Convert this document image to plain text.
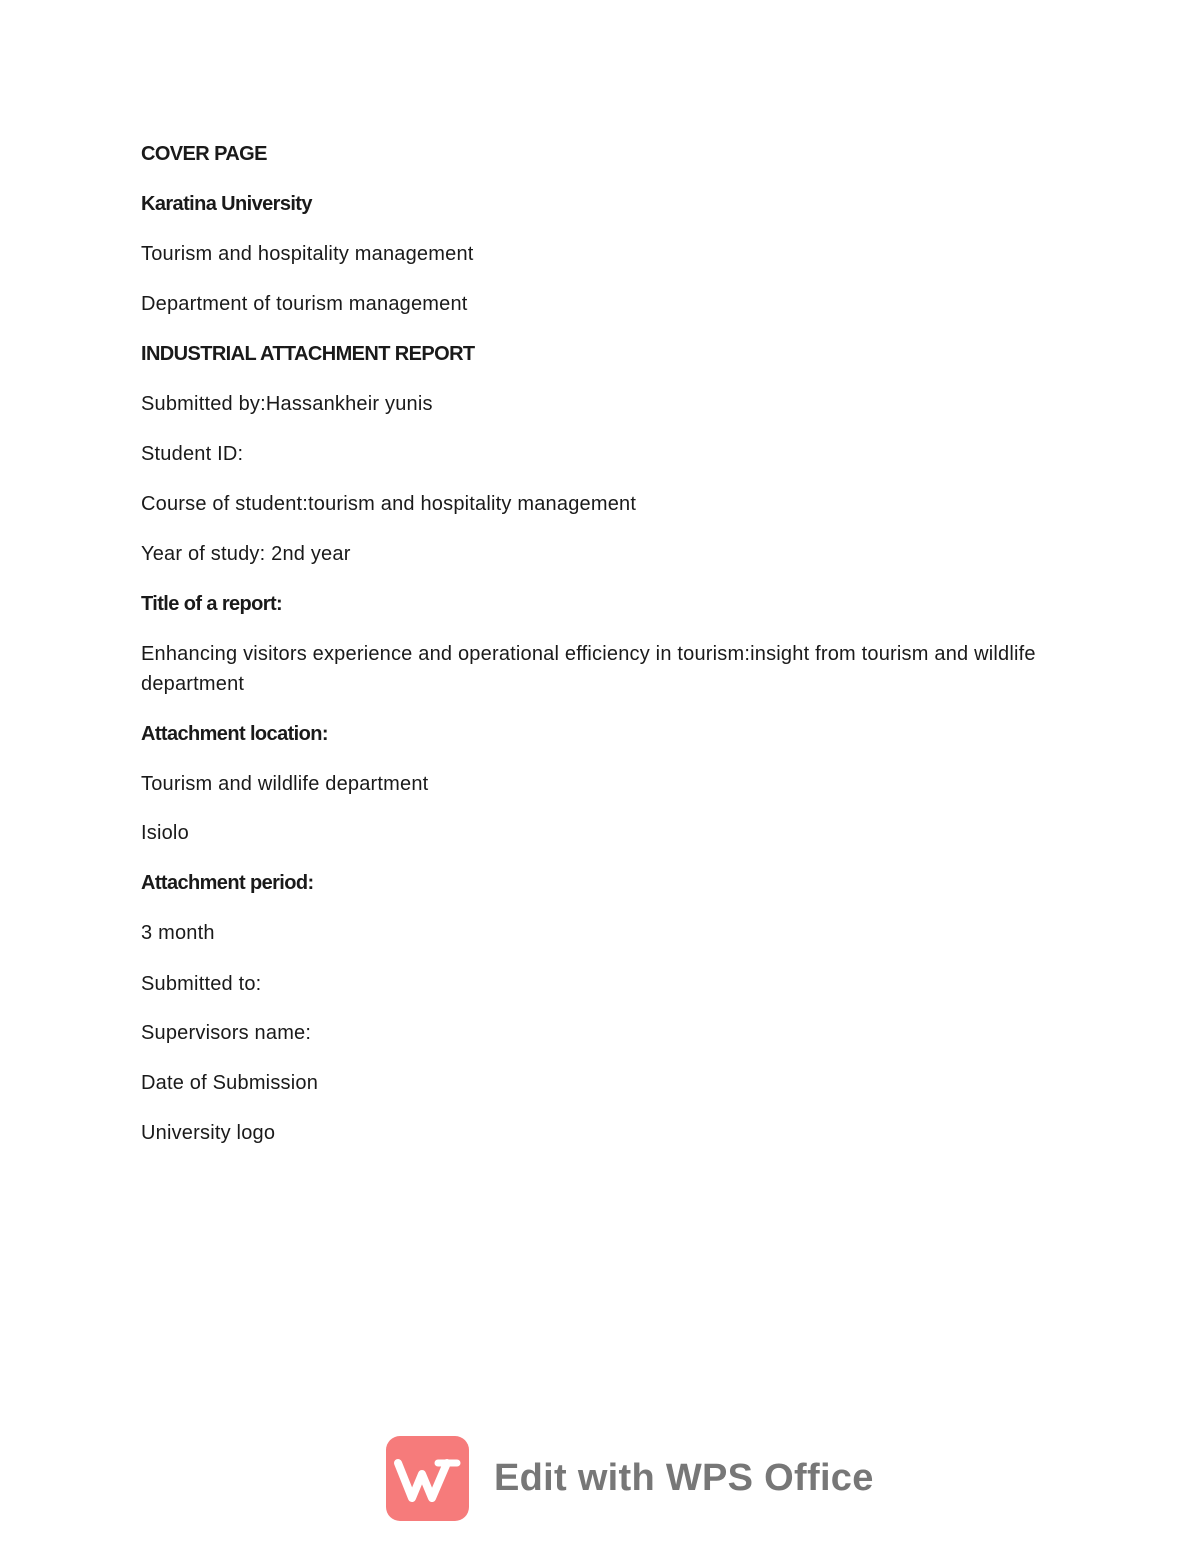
COVER PAGE
Karatina University
Tourism and hospitality management
Department of tourism management
INDUSTRIAL ATTACHMENT REPORT
Submitted by:Hassankheir yunis
Student ID:
Course of student:tourism and hospitality management
Year of study: 2nd year
Title of a report:
Enhancing visitors experience and operational efficiency in tourism:insight from tourism and wildlife department
Attachment location:
Tourism and wildlife department
Isiolo
Attachment period:
3 month
Submitted to:
Supervisors name:
Date of Submission
University logo
Edit with WPS Office
